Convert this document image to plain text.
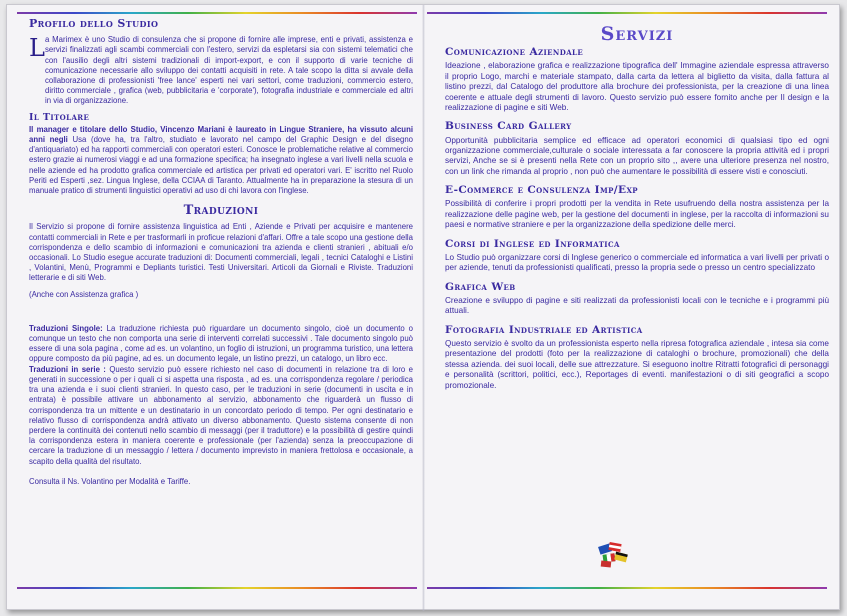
Profilo dello Studio
L a Marimex è uno Studio di consulenza che si propone di fornire alle imprese, enti e privati, assistenza e servizi finalizzati agli scambi commerciali con l'estero, servizi da espletarsi sia con sistemi telematici che con l'ausilio degli altri sistemi tradizionali di import-export, e con il supporto di varie tecniche di comunicazione necessarie allo sviluppo dei contatti acquisiti in rete. A tale scopo la ditta si avvale della collaborazione di professionisti 'free lance' esperti nei vari settori, come traduzioni, commercio estero, diritto commerciale , grafica (web, pubblicitaria e 'corporate'), fotografia industriale e commerciale ed altri in via di organizzazione.

Il Titolare

Il manager e titolare dello Studio, Vincenzo Mariani è laureato in Lingue Straniere, ha vissuto alcuni anni negli Usa (dove ha, tra l'altro, studiato e lavorato nel campo del Graphic Design e del disegno d'antiquariato) ed ha rapporti commerciali con operatori esteri. Conosce le problematiche relative al commercio estero grazie ai numerosi viaggi e ad una formazione specifica; ha insegnato inglese a vari livelli nella scuola e nelle aziende ed ha prodotto grafica commerciale ed artistica per privati ed operatori vari. E' iscritto nel Ruolo Periti ed Esperti ,sez. Lingua Inglese, della CCIAA di Taranto. Attualmente ha in preparazione la stesura di un manuale pratico di strumenti linguistici operativi ad uso di chi lavora con l'inglese.

Traduzioni

Il Servizio si propone di fornire assistenza linguistica ad Enti , Aziende e Privati per acquisire e mantenere contatti commerciali in Rete e per trasformarli in proficue relazioni d'affari. Offre a tale scopo una gestione della corrispondenza e dello scambio di informazioni e comunicazioni tra azienda e clienti stranieri , abituali e/o occasionali. Lo Studio esegue accurate traduzioni di: Documenti commerciali, legali , tecnici Cataloghi e Listini , Volantini, Menù, Programmi e Depliants turistici. Testi Universitari. Articoli da Giornali e Riviste. Traduzioni letterarie e di siti Web.

(Anche con Assistenza grafica )

Traduzioni Singole: La traduzione richiesta può riguardare un documento singolo, cioè un documento o comunque un testo che non comporta una serie di interventi correlati successivi . Tale documento singolo può essere di una sola pagina , come ad es. un volantino, un foglio di istruzioni, un programma turistico, una lettera oppure composto da più pagine, ad es. un documento legale, un listino prezzi, un catalogo, un libro ecc.

Traduzioni in serie : Questo servizio può essere richiesto nel caso di documenti in relazione tra di loro e generati in successione o per i quali ci si aspetta una risposta , ad es. una corrispondenza regolare / periodica tra una azienda e i suoi clienti stranieri. In questo caso, per le traduzioni in serie (documenti in uscita e in entrata) è possibile attivare un abbonamento al servizio, abbonamento che riguarderà un flusso di corrispondenza tra un mittente e un destinatario in un concordato periodo di tempo. Per ogni destinatario e relativo flusso di corrispondenza andrà attivato un diverso abbonamento. Questo sistema consente di non perdere la continuità dei contenuti nello scambio di messaggi (per il traduttore) e la possibilità di gestire quindi la corrispondenza estera in maniera coerente e professionale (per l'azienda) senza la preoccupazione di cercare la traduzione di un messaggio / lettera / documento imprevisto in maniera frettolosa e occasionale, a scapito della qualità del risultato.

Consulta il Ns. Volantino per Modalità e Tariffe.

Servizi
Comunicazione Aziendale

Ideazione , elaborazione grafica e realizzazione tipografica dell' Immagine aziendale espressa attraverso il proprio Logo, marchi e materiale stampato, dalla carta da lettera al biglietto da visita, dalla fattura al listino prezzi, dal Catalogo del produttore alla brochure dei professionista, per la creazione di una linea coerente e attuale degli strumenti di lavoro. Questo servizio può essere fornito anche per Il design e la realizzazione di pagine e siti Web.

Business Card Gallery

Opportunità pubblicitaria semplice ed efficace ad operatori economici di qualsiasi tipo ed ogni organizzazione commerciale,culturale o sociale interessata a far conoscere la propria attività ed i propri servizi, Anche se si è presenti nella Rete con un proprio sito ,, avere una ulteriore presenza nel nostro, con un link che rimanda al proprio , non può che aumentare le possibilità di essere visti e conosciuti.

E-Commerce e Consulenza Imp/Exp

Possibilità di conferire i propri prodotti per la vendita in Rete usufruendo della nostra assistenza per la realizzazione delle pagine web, per la gestione del documenti in inglese, per la raccolta di informazioni su paesi e normative straniere e per la organizzazione della spedizione delle merci.

Corsi di Inglese ed Informatica

Lo Studio può organizzare corsi di Inglese generico o commerciale ed informatica a vari livelli per privati o per aziende, tenuti da professionisti qualificati, presso la propria sede o presso un centro specializzato

Grafica Web

Creazione e sviluppo di pagine e siti realizzati da professionisti locali con le tecniche e i programmi più attuali.

Fotografia Industriale ed Artistica

Questo servizio è svolto da un professionista esperto nella ripresa fotografica aziendale , intesa sia come presentazione del prodotti (foto per la realizzazione di cataloghi o brochure, promozionali) che della stessa azienda. dei suoi locali, delle sue attrezzature. Si eseguono inoltre Ritratti fotografici di personaggi e personalità (scrittori, politici, ecc.), Reportages di eventi. manifestazioni o di siti geografici a scopo promozionale.
